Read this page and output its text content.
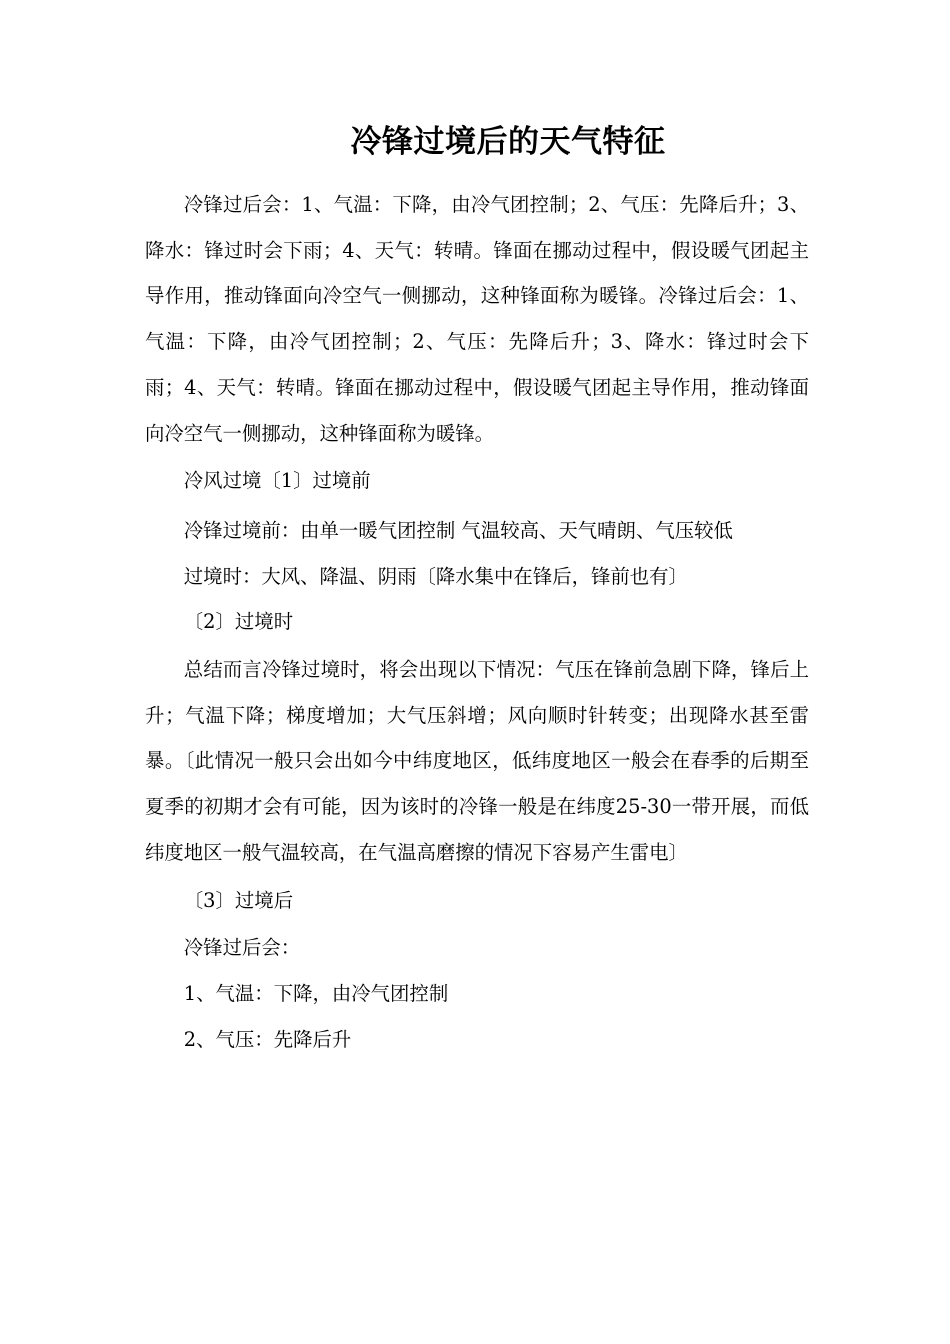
冷锋过境后的天气特征

冷锋过后会：1、气温：下降，由冷气团控制；2、气压：先降后升；3、降水：锋过时会下雨；4、天气：转晴。锋面在挪动过程中，假设暖气团起主导作用，推动锋面向冷空气一侧挪动，这种锋面称为暖锋。冷锋过后会：1、气温：下降，由冷气团控制；2、气压：先降后升；3、降水：锋过时会下雨；4、天气：转晴。锋面在挪动过程中，假设暖气团起主导作用，推动锋面向冷空气一侧挪动，这种锋面称为暖锋。

冷风过境〔1〕过境前

冷锋过境前：由单一暖气团控制 气温较高、天气晴朗、气压较低

过境时：大风、降温、阴雨〔降水集中在锋后，锋前也有〕

〔2〕过境时

总结而言冷锋过境时，将会出现以下情况：气压在锋前急剧下降，锋后上升；气温下降；梯度增加；大气压斜增；风向顺时针转变；出现降水甚至雷暴。〔此情况一般只会出如今中纬度地区，低纬度地区一般会在春季的后期至夏季的初期才会有可能，因为该时的冷锋一般是在纬度25-30一带开展，而低纬度地区一般气温较高，在气温高磨擦的情况下容易产生雷电〕

〔3〕过境后

冷锋过后会：

1、气温：下降，由冷气团控制

2、气压：先降后升
